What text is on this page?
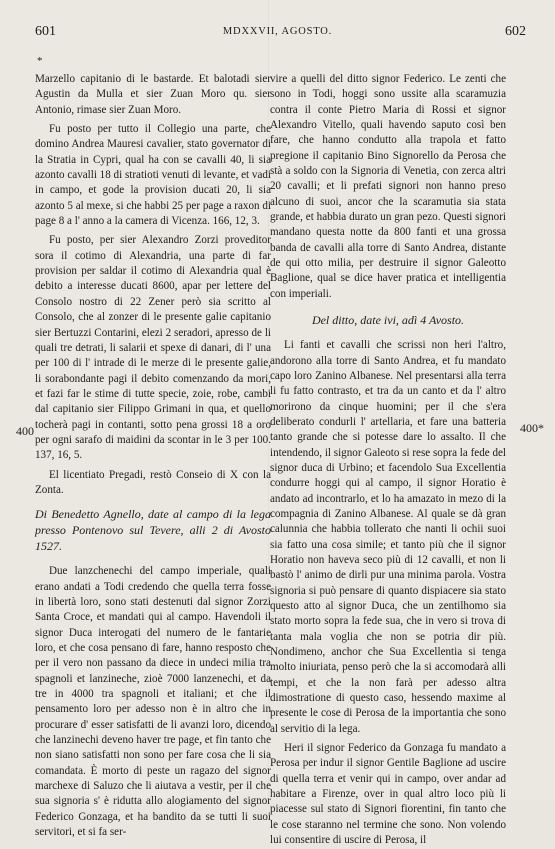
601	MDXXVII, AGOSTO.	602
*

Marzello capitanio di le bastarde. Et balotadi sier Agustin da Mulla et sier Zuan Moro qu. sier Antonio, rimase sier Zuan Moro.

Fu posto per tutto il Collegio una parte, che domino Andrea Mauresi cavalier, stato governator di la Stratia in Cypri, qual ha con se cavalli 40, li sia azonto cavalli 18 di stratioti venuti di levante, et vadi in campo, et gode la provision ducati 20, li sia azonto 5 al mexe, si che habbi 25 per page a raxon di page 8 a l' anno a la camera di Vicenza. 166, 12, 3.

Fu posto, per sier Alexandro Zorzi proveditor sora il cotimo di Alexandria, una parte di far provision per saldar il cotimo di Alexandria qual è debito a interesse ducati 8600, apar per lettere del Consolo nostro di 22 Zener però sia scritto al Consolo, che al zonzer di le presente galie capitanio sier Bertuzzi Contarini, elezi 2 seradori, apresso de li quali tre detrati, li salarii et spexe di danari, di l' una per 100 di l' intrade di le merze di le presente galie, li sorabondante pagi il debito comenzando da mori, et fazi far le stime di tutte specie, zoie, robe, cambi dal capitanio sier Filippo Grimani in qua, et quello tocherà pagi in contanti, sotto pena grossi 18 a oro per ogni sarafo di maidini da scontar in le 3 per 100. 137, 16, 5.

El licentiato Pregadi, restò Conseio di X con la Zonta.

Di Benedetto Agnello, date al campo di la lega presso Pontenovo sul Tevere, alli 2 di Avosto 1527.

Due lanzchenechi del campo imperiale, quali erano andati a Todi credendo che quella terra fosse in libertà loro, sono stati destenuti dal signor Zorzi Santa Croce, et mandati qui al campo. Havendoli il signor Duca interogati del numero de le fantarie loro, et che cosa pensano di fare, hanno resposto che per il vero non passano da diece in undeci milia tra spagnoli et lanzineche, zioè 7000 lanzenechi, et da tre in 4000 tra spagnoli et italiani; et che il pensamento loro per adesso non è in altro che in procurare d' esser satisfatti de li avanzi loro, dicendo che lanzinechi deveno haver tre page, et fin tanto che non siano satisfatti non sono per fare cosa che li sia comandata. È morto di peste un ragazo del signor marchexe di Saluzo che li aiutava a vestir, per il che sua signoria s' è ridutta allo alogiamento del signor Federico Gonzaga, et ha bandito da se tutti li suoi servitori, et si fa ser-

vire a quelli del ditto signor Federico. Le zenti che sono in Todi, hoggi sono ussite alla scaramuzia contra il conte Pietro Maria di Rossi et signor Alexandro Vitello, quali havendo saputo così ben fare, che hanno condutto alla trapola et fatto pregione il capitanio Bino Signorello da Perosa che stà a soldo con la Signoria di Venetia, con zerca altri 20 cavalli; et li prefati signori non hanno preso alcuno di suoi, ancor che la scaramutia sia stata grande, et habbia durato un gran pezo. Questi signori mandano questa notte da 800 fanti et una grossa banda de cavalli alla torre di Santo Andrea, distante de qui otto milia, per destruire il signor Galeotto Baglione, qual se dice haver pratica et intelligentia con imperiali.

Del ditto, date ivi, adì 4 Avosto.

Li fanti et cavalli che scrissi non heri l'altro, andorono alla torre di Santo Andrea, et fu mandato capo loro Zanino Albanese. Nel presentarsi alla terra li fu fatto contrasto, et tra da un canto et da l' altro morirono da cinque huomini; per il che s'era deliberato condurli l' artellaria, et fare una batteria tanto grande che si potesse dare lo assalto. Il che intendendo, il signor Galeoto si rese sopra la fede del signor duca di Urbino; et facendolo Sua Excellentia condurre hoggi qui al campo, il signor Horatio è andato ad incontrarlo, et lo ha amazato in mezo di la compagnia di Zanino Albanese. Al quale se dà gran calunnia che habbia tollerato che nanti li ochii suoi sia fatto una cosa simile; et tanto più che il signor Horatio non haveva seco più di 12 cavalli, et non li bastò l' animo de dirli pur una minima parola. Vostra signoria si può pensare di quanto dispiacere sia stato questo atto al signor Duca, che un zentilhomo sia stato morto sopra la fede sua, che in vero si trova di tanta mala voglia che non se potria dir più. Nondimeno, anchor che Sua Excellentia si tenga molto iniuriata, penso però che la si accomodarà alli tempi, et che la non farà per adesso altra dimostratione di questo caso, hessendo maxime al presente le cose di Perosa de la importantia che sono al servitio di la lega.

Heri il signor Federico da Gonzaga fu mandato a Perosa per indur il signor Gentile Baglione ad uscire di quella terra et venir qui in campo, over andar ad habitare a Firenze, over in qual altro loco più li piacesse sul stato di Signori fiorentini, fin tanto che le cose staranno nel termine che sono. Non volendo lui consentire di uscire di Perosa, il

400	400*
